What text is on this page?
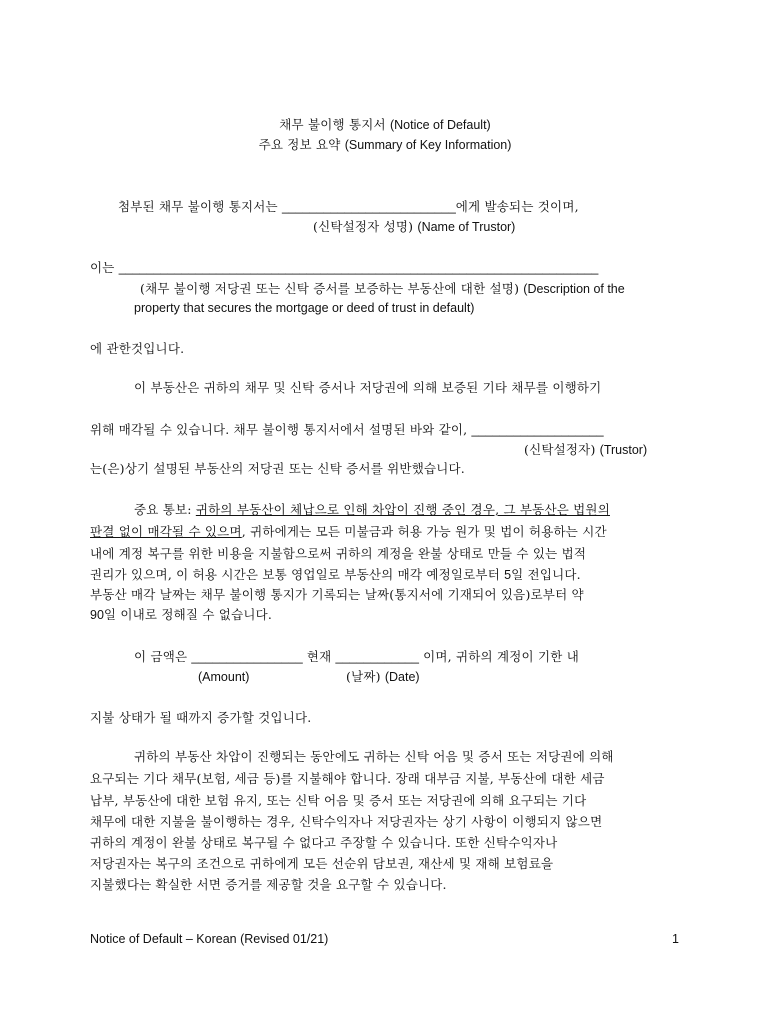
채무 불이행 통지서 (Notice of Default)
주요 정보 요약 (Summary of Key Information)
첨부된 채무 불이행 통지서는 _________________________에게 발송되는 것이며,
(신탁설정자 성명) (Name of Trustor)
이는 _____________________________________________________________________
(채무 불이행 저당권 또는 신탁 증서를 보증하는 부동산에 대한 설명) (Description of the
property that secures the mortgage or deed of trust in default)
에 관한것입니다.
이 부동산은 귀하의 채무 및 신탁 증서나 저당권에 의해 보증된 기타 채무를 이행하기
위해 매각될 수 있습니다. 채무 불이행 통지서에서 설명된 바와 같이, ___________________
(신탁설정자) (Trustor)
는(은)상기 설명된 부동산의 저당권 또는 신탁 증서를 위반했습니다.
중요 통보: 귀하의 부동산이 체납으로 인해 차압이 진행 중인 경우, 그 부동산은 법원의
판결 없이 매각될 수 있으며, 귀하에게는 모든 미불금과 허용 가능 원가 및 법이 허용하는 시간
내에 계정 복구를 위한 비용을 지불함으로써 귀하의 계정을 완불 상태로 만들 수 있는 법적
권리가 있으며, 이 허용 시간은 보통 영업일로 부동산의 매각 예정일로부터 5일 전입니다.
부동산 매각 날짜는 채무 불이행 통지가 기록되는 날짜(통지서에 기재되어 있음)로부터 약
90일 이내로 정해질 수 없습니다.
이 금액은 ________________ 현재 ____________ 이며, 귀하의 계정이 기한 내
(Amount)	(날짜) (Date)
지불 상태가 될 때까지 증가할 것입니다.
귀하의 부동산 차압이 진행되는 동안에도 귀하는 신탁 어음 및 증서 또는 저당권에 의해
요구되는 기다 채무(보험, 세금 등)를 지불해야 합니다. 장래 대부금 지불, 부동산에 대한 세금
납부, 부동산에 대한 보험 유지, 또는 신탁 어음 및 증서 또는 저당권에 의해 요구되는 기다
채무에 대한 지불을 불이행하는 경우, 신탁수익자나 저당권자는 상기 사항이 이행되지 않으면
귀하의 계정이 완불 상태로 복구될 수 없다고 주장할 수 있습니다. 또한 신탁수익자나
저당권자는 복구의 조건으로 귀하에게 모든 선순위 담보권, 재산세 및 재해 보험료을
지불했다는 확실한 서면 증거를 제공할 것을 요구할 수 있습니다.
Notice of Default – Korean (Revised 01/21)	1
